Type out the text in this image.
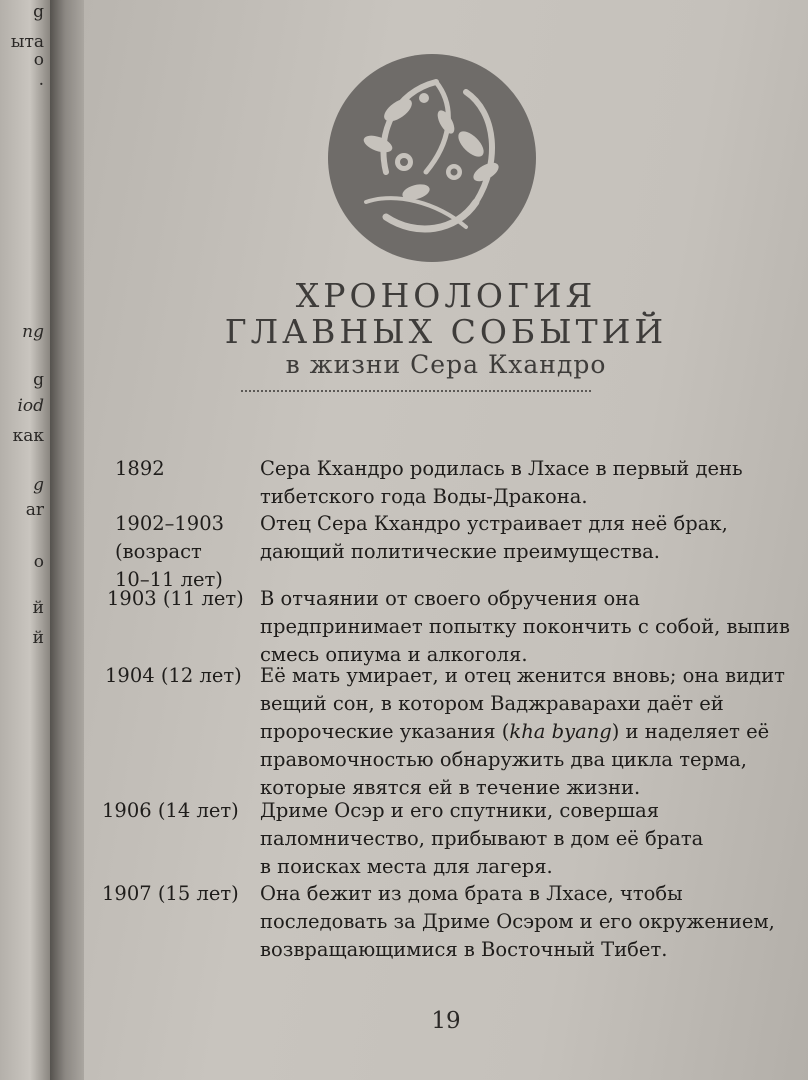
g
ыта
о
.
ng
g
iod
как
g
ar
о
й
й
ХРОНОЛОГИЯ
ГЛАВНЫХ СОБЫТИЙ
в жизни Сера Кхандро
1892	Сера Кхандро родилась в Лхасе в первый день
тибетского года Воды-Дракона.
1902–1903
(возраст
10–11 лет)
Отец Сера Кхандро устраивает для неё брак,
дающий политические преимущества.
1903 (11 лет) В отчаянии от своего обручения она
предпринимает попытку покончить с собой, выпив
смесь опиума и алкоголя.
1904 (12 лет) Её мать умирает, и отец женится вновь; она видит
вещий сон, в котором Ваджраварахи даёт ей
пророческие указания (kha byang) и наделяет её
правомочностью обнаружить два цикла терма,
которые явятся ей в течение жизни.
1906 (14 лет) Дриме Осэр и его спутники, совершая
паломничество, прибывают в дом её брата
в поисках места для лагеря.
1907 (15 лет) Она бежит из дома брата в Лхасе, чтобы
последовать за Дриме Осэром и его окружением,
возвращающимися в Восточный Тибет.
19
